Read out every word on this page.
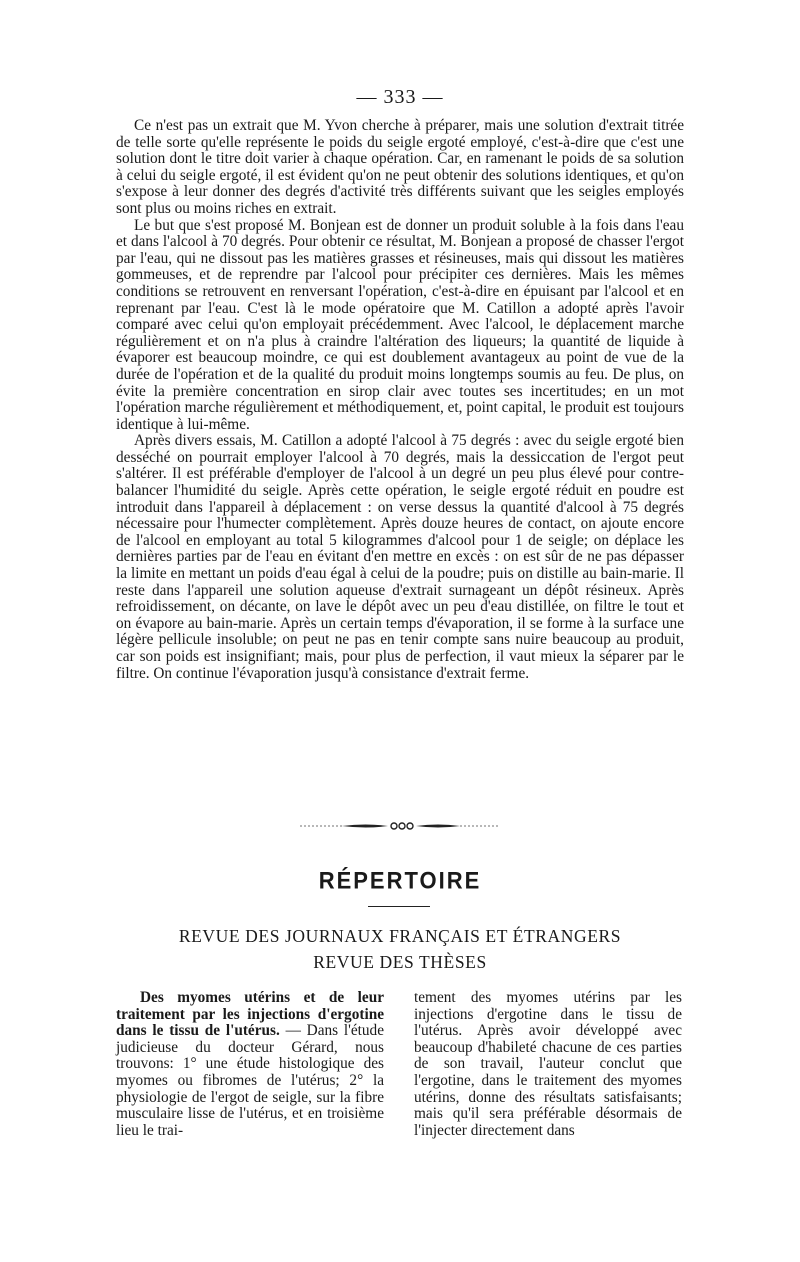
— 333 —

Ce n'est pas un extrait que M. Yvon cherche à préparer, mais une solution d'extrait titrée de telle sorte qu'elle représente le poids du seigle ergoté employé, c'est-à-dire que c'est une solution dont le titre doit varier à chaque opération. Car, en ramenant le poids de sa solution à celui du seigle ergoté, il est évident qu'on ne peut obtenir des solutions identiques, et qu'on s'expose à leur donner des degrés d'activité très différents suivant que les seigles employés sont plus ou moins riches en extrait.

Le but que s'est proposé M. Bonjean est de donner un produit soluble à la fois dans l'eau et dans l'alcool à 70 degrés. Pour obtenir ce résultat, M. Bonjean a proposé de chasser l'ergot par l'eau, qui ne dissout pas les matières grasses et résineuses, mais qui dissout les matières gommeuses, et de reprendre par l'alcool pour précipiter ces dernières. Mais les mêmes conditions se retrouvent en renversant l'opération, c'est-à-dire en épuisant par l'alcool et en reprenant par l'eau. C'est là le mode opératoire que M. Catillon a adopté après l'avoir comparé avec celui qu'on employait précédemment. Avec l'alcool, le déplacement marche régulièrement et on n'a plus à craindre l'altération des liqueurs; la quantité de liquide à évaporer est beaucoup moindre, ce qui est doublement avantageux au point de vue de la durée de l'opération et de la qualité du produit moins longtemps soumis au feu. De plus, on évite la première concentration en sirop clair avec toutes ses incertitudes; en un mot l'opération marche régulièrement et méthodiquement, et, point capital, le produit est toujours identique à lui-même.

Après divers essais, M. Catillon a adopté l'alcool à 75 degrés : avec du seigle ergoté bien desséché on pourrait employer l'alcool à 70 degrés, mais la dessiccation de l'ergot peut s'altérer. Il est préférable d'employer de l'alcool à un degré un peu plus élevé pour contre-balancer l'humidité du seigle. Après cette opération, le seigle ergoté réduit en poudre est introduit dans l'appareil à déplacement : on verse dessus la quantité d'alcool à 75 degrés nécessaire pour l'humecter complètement. Après douze heures de contact, on ajoute encore de l'alcool en employant au total 5 kilogrammes d'alcool pour 1 de seigle; on déplace les dernières parties par de l'eau en évitant d'en mettre en excès : on est sûr de ne pas dépasser la limite en mettant un poids d'eau égal à celui de la poudre; puis on distille au bain-marie. Il reste dans l'appareil une solution aqueuse d'extrait surnageant un dépôt résineux. Après refroidissement, on décante, on lave le dépôt avec un peu d'eau distillée, on filtre le tout et on évapore au bain-marie. Après un certain temps d'évaporation, il se forme à la surface une légère pellicule insoluble; on peut ne pas en tenir compte sans nuire beaucoup au produit, car son poids est insignifiant; mais, pour plus de perfection, il vaut mieux la séparer par le filtre. On continue l'évaporation jusqu'à consistance d'extrait ferme.

RÉPERTOIRE
REVUE DES JOURNAUX FRANÇAIS ET ÉTRANGERS
REVUE DES THÈSES

Des myomes utérins et de leur traitement par les injections d'ergotine dans le tissu de l'utérus. — Dans l'étude judicieuse du docteur Gérard, nous trouvons: 1° une étude histologique des myomes ou fibromes de l'utérus; 2° la physiologie de l'ergot de seigle, sur la fibre musculaire lisse de l'utérus, et en troisième lieu le trai-

tement des myomes utérins par les injections d'ergotine dans le tissu de l'utérus. Après avoir développé avec beaucoup d'habileté chacune de ces parties de son travail, l'auteur conclut que l'ergotine, dans le traitement des myomes utérins, donne des résultats satisfaisants; mais qu'il sera préférable désormais de l'injecter directement dans
